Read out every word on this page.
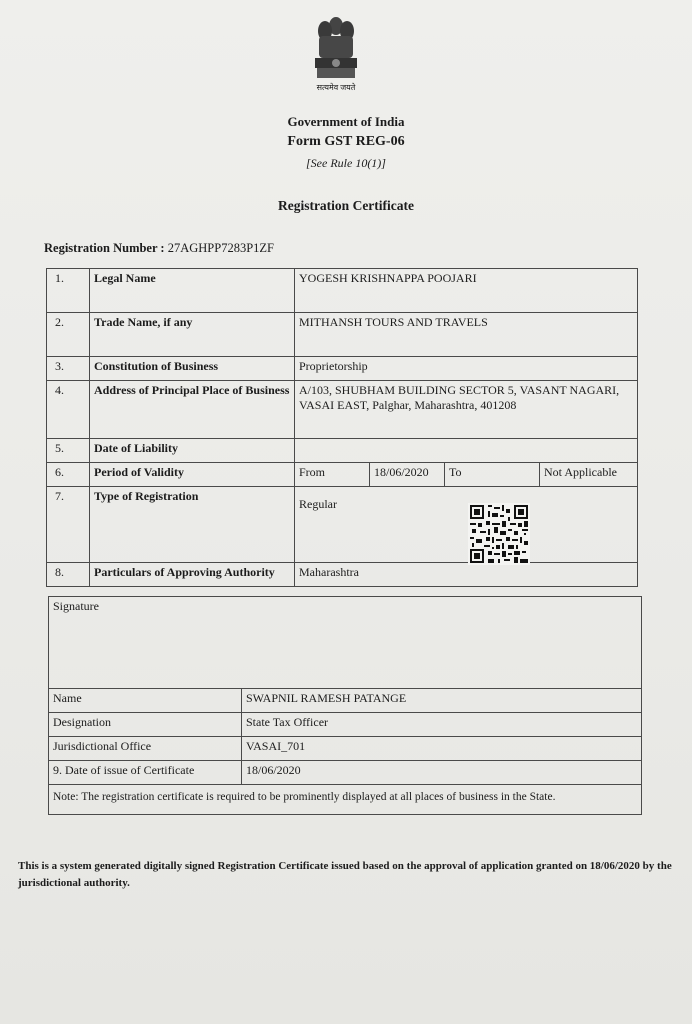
सत्यमेव जयते
Government of India
Form GST REG-06
[See Rule 10(1)]
Registration Certificate
Registration Number : 27AGHPP7283P1ZF
1.	Legal Name	YOGESH KRISHNAPPA POOJARI			
2.	Trade Name, if any	MITHANSH TOURS AND TRAVELS			
3.	Constitution of Business	Proprietorship			
4.	Address of Principal Place of Business	A/103, SHUBHAM BUILDING SECTOR 5, VASANT NAGARI, VASAI EAST, Palghar, Maharashtra, 401208			
5.	Date of Liability				
6.	Period of Validity	From	18/06/2020	To	Not Applicable
7.	Type of Registration	Regular			
8.	Particulars of Approving Authority	Maharashtra			
Signature	
Name	SWAPNIL RAMESH PATANGE
Designation	State Tax Officer
Jurisdictional Office	VASAI_701
9. Date of issue of Certificate	18/06/2020
Note: The registration certificate is required to be prominently displayed at all places of business in the State.	
This is a system generated digitally signed Registration Certificate issued based on the approval of application granted on 18/06/2020 by the jurisdictional authority.
